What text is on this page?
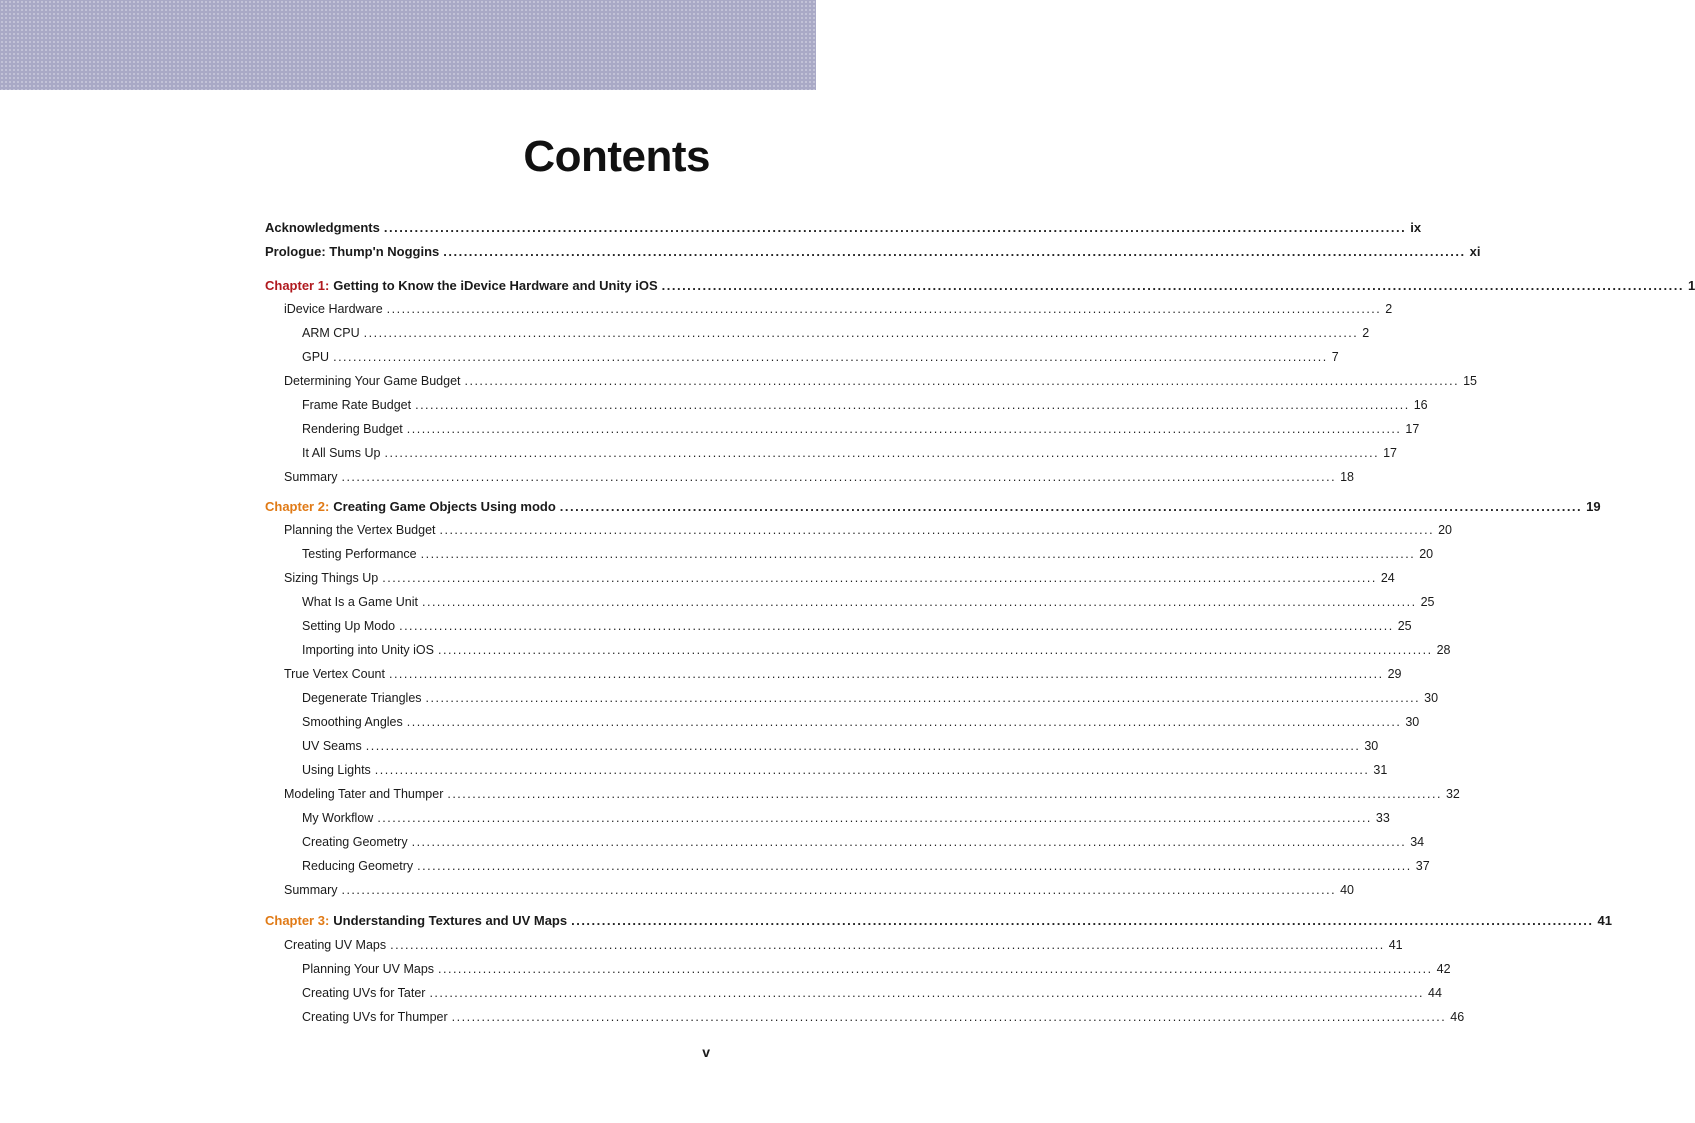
Contents
Acknowledgments ........................................................................................................................................................................................................ ix
Prologue: Thump'n Noggins ........................................................................................................................................................................................................ xi
Chapter 1: Getting to Know the iDevice Hardware and Unity iOS ........................................................................................................................................................................................................ 1
iDevice Hardware ........................................................................................................................................................................................................ 2
ARM CPU ........................................................................................................................................................................................................ 2
GPU ........................................................................................................................................................................................................ 7
Determining Your Game Budget ........................................................................................................................................................................................................ 15
Frame Rate Budget ........................................................................................................................................................................................................ 16
Rendering Budget ........................................................................................................................................................................................................ 17
It All Sums Up ........................................................................................................................................................................................................ 17
Summary ........................................................................................................................................................................................................ 18
Chapter 2: Creating Game Objects Using modo ........................................................................................................................................................................................................ 19
Planning the Vertex Budget ........................................................................................................................................................................................................ 20
Testing Performance ........................................................................................................................................................................................................ 20
Sizing Things Up ........................................................................................................................................................................................................ 24
What Is a Game Unit ........................................................................................................................................................................................................ 25
Setting Up Modo ........................................................................................................................................................................................................ 25
Importing into Unity iOS ........................................................................................................................................................................................................ 28
True Vertex Count ........................................................................................................................................................................................................ 29
Degenerate Triangles ........................................................................................................................................................................................................ 30
Smoothing Angles ........................................................................................................................................................................................................ 30
UV Seams ........................................................................................................................................................................................................ 30
Using Lights ........................................................................................................................................................................................................ 31
Modeling Tater and Thumper ........................................................................................................................................................................................................ 32
My Workflow ........................................................................................................................................................................................................ 33
Creating Geometry ........................................................................................................................................................................................................ 34
Reducing Geometry ........................................................................................................................................................................................................ 37
Summary ........................................................................................................................................................................................................ 40
Chapter 3: Understanding Textures and UV Maps ........................................................................................................................................................................................................ 41
Creating UV Maps ........................................................................................................................................................................................................ 41
Planning Your UV Maps ........................................................................................................................................................................................................ 42
Creating UVs for Tater ........................................................................................................................................................................................................ 44
Creating UVs for Thumper ........................................................................................................................................................................................................ 46
v
